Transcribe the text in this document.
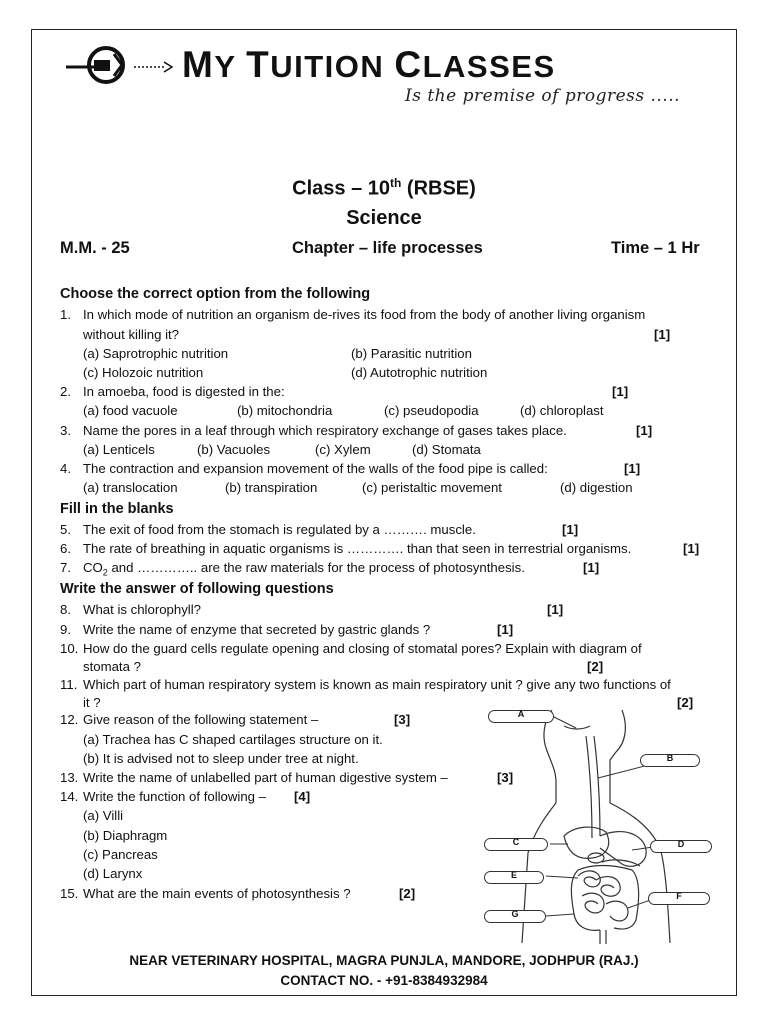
MY TUITION CLASSES
Is the premise of progress .....
Class – 10th (RBSE)
Science
M.M. - 25	Chapter – life processes	Time – 1 Hr
Choose the correct option from the following
1. In which mode of nutrition an organism de-rives its food from the body of another living organism
without killing it?	[1]
(a) Saprotrophic nutrition	(b) Parasitic nutrition
(c) Holozoic nutrition	(d) Autotrophic nutrition
2. In amoeba, food is digested in the:	[1]
(a) food vacuole	(b) mitochondria	(c) pseudopodia	(d) chloroplast
3. Name the pores in a leaf through which respiratory exchange of gases takes place.	[1]
(a) Lenticels	(b) Vacuoles	(c) Xylem	(d) Stomata
4. The contraction and expansion movement of the walls of the food pipe is called:	[1]
(a) translocation	(b) transpiration	(c) peristaltic movement	(d) digestion
Fill in the blanks
5. The exit of food from the stomach is regulated by a ………. muscle.	[1]
6. The rate of breathing in aquatic organisms is …………. than that seen in terrestrial organisms.	[1]
7. $CO_2$ and ………….. are the raw materials for the process of photosynthesis.	[1]
Write the answer of following questions
8. What is chlorophyll?	[1]
9. Write the name of enzyme that secreted by gastric glands ?	[1]
10. How do the guard cells regulate opening and closing of stomatal pores? Explain with diagram of
stomata ?	[2]
11. Which part of human respiratory system is known as main respiratory unit ? give any two functions of
it ?	[2]
12. Give reason of the following statement –	[3]
(a) Trachea has C shaped cartilages structure on it.
(b) It is advised not to sleep under tree at night.
13. Write the name of unlabelled part of human digestive system –	[3]
14. Write the function of following – [4]
(a) Villi
(b) Diaphragm
(c) Pancreas
(d) Larynx
15. What are the main events of photosynthesis ?	[2]
A
B
C	D
E
F
G
NEAR VETERINARY HOSPITAL, MAGRA PUNJLA, MANDORE, JODHPUR (RAJ.)
CONTACT NO. - +91-8384932984
